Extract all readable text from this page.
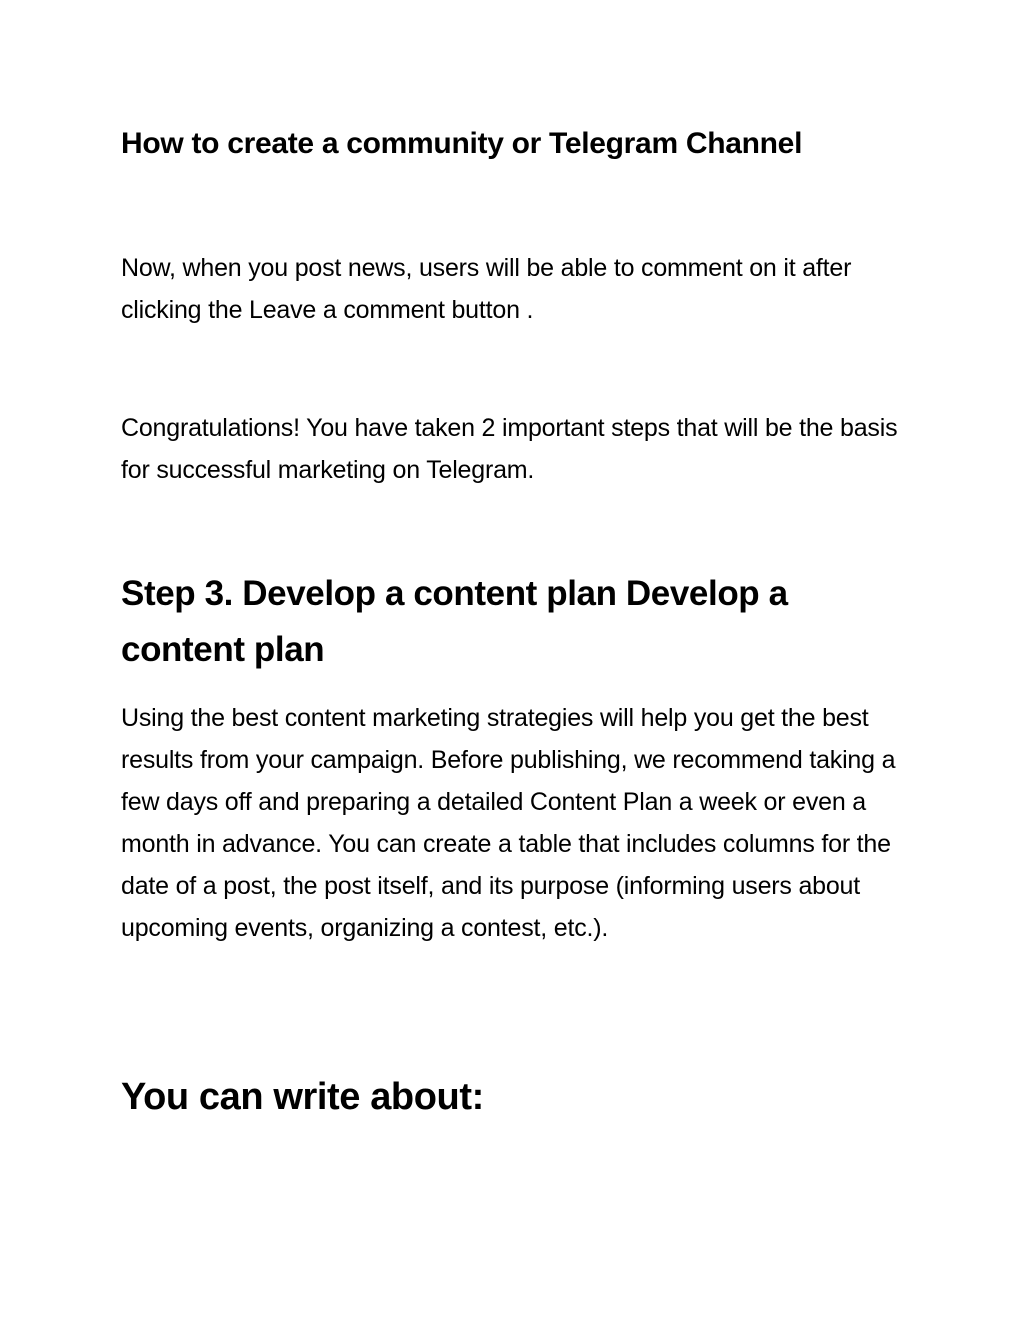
How to create a community or Telegram Channel

Now, when you post news, users will be able to comment on it after clicking the Leave a comment button .

Congratulations! You have taken 2 important steps that will be the basis for successful marketing on Telegram.

Step 3. Develop a content plan Develop a content plan

Using the best content marketing strategies will help you get the best results from your campaign. Before publishing, we recommend taking a few days off and preparing a detailed Content Plan a week or even a month in advance. You can create a table that includes columns for the date of a post, the post itself, and its purpose (informing users about upcoming events, organizing a contest, etc.).

You can write about:
